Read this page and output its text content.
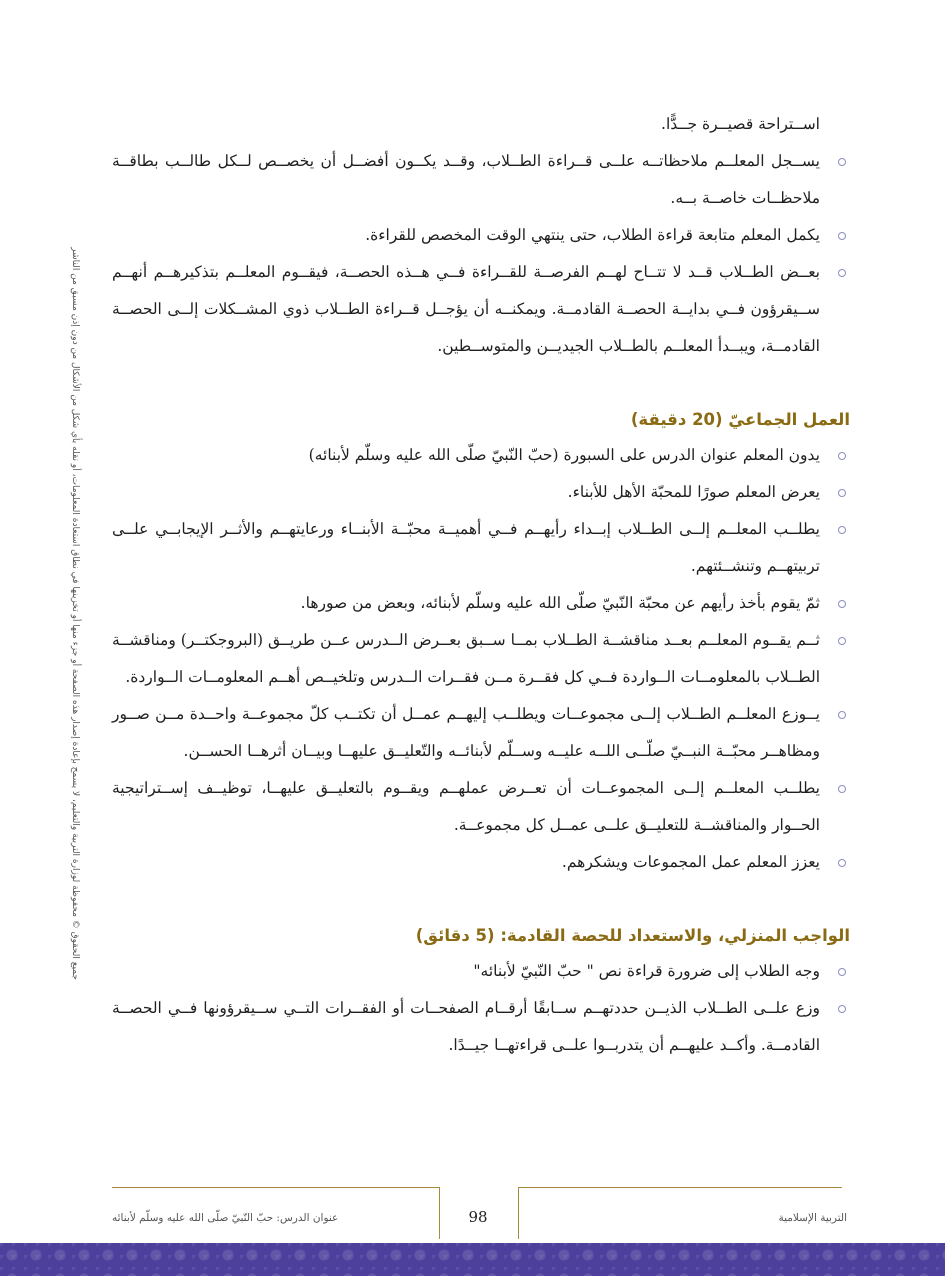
جميع الحقوق © محفوظة لوزارة التربية والتعليم، لا يسمح بإعادة إصدار هذه الصفحة أو جزء منها أو تخزينها في نطاق استعادة المعلومات، أو نقله بأي شكل من الأشكال من دون إذن مسبق من الناشر

اســتراحة قصيــرة جــدًّا.

يســجل المعلــم ملاحظاتــه علــى قــراءة الطــلاب، وقــد يكــون أفضــل أن يخصــص لــكل طالــب بطاقــة ملاحظــات خاصــة بــه.
يكمل المعلم متابعة قراءة الطلاب، حتى ينتهي الوقت المخصص للقراءة.
بعــض الطــلاب قــد لا تتــاح لهــم الفرصــة للقــراءة فــي هــذه الحصــة، فيقــوم المعلــم بتذكيرهــم أنهــم ســيقرؤون فــي بدايــة الحصــة القادمــة. ويمكنــه أن يؤجــل قــراءة الطــلاب ذوي المشــكلات إلــى الحصــة القادمــة، ويبــدأ المعلــم بالطــلاب الجيديــن والمتوســطين.
العمل الجماعيّ (20 دقيقة)
يدون المعلم عنوان الدرس على السبورة (حبّ النّبيّ صلّى الله عليه وسلّم لأبنائه)
يعرض المعلم صورًا للمحبّة الأهل للأبناء.
يطلــب المعلــم إلــى الطــلاب إبــداء رأيهــم فــي أهميــة محبّــة الأبنــاء ورعايتهــم والأثــر الإيجابــي علــى تربيتهــم وتنشــئتهم.
ثمّ يقوم بأخذ رأيهم عن محبّة النّبيّ صلّى الله عليه وسلّم لأبنائه، وبعض من صورها.
ثــم يقــوم المعلــم بعــد مناقشــة الطــلاب بمــا ســبق بعــرض الــدرس عــن طريــق (البروجكتــر) ومناقشــة الطــلاب بالمعلومــات الــواردة فــي كل فقــرة مــن فقــرات الــدرس وتلخيــص أهــم المعلومــات الــواردة.
يــوزع المعلــم الطــلاب إلــى مجموعــات ويطلــب إليهــم عمــل أن تكتــب كلّ مجموعــة واحــدة مــن صــور ومظاهــر محبّــة النبــيّ صلّــى اللــه عليــه وســلّم لأبنائــه والتّعليــق عليهــا وبيــان أثرهــا الحســن.
يطلــب المعلــم إلــى المجموعــات أن تعــرض عملهــم ويقــوم بالتعليــق عليهــا، توظيــف إســتراتيجية الحــوار والمناقشــة للتعليــق علــى عمــل كل مجموعــة.
يعزز المعلم عمل المجموعات ويشكرهم.
الواجب المنزلي، والاستعداد للحصة القادمة: (5 دقائق)
وجه الطلاب إلى ضرورة قراءة نص " حبّ النّبيّ لأبنائه"
وزع علــى الطــلاب الذيــن حددتهــم ســابقًا أرقــام الصفحــات أو الفقــرات التــي ســيقرؤونها فــي الحصــة القادمــة. وأكــد عليهــم أن يتدربــوا علــى قراءتهــا جيــدًا.
98
عنوان الدرس: حبّ النّبيّ صلّى الله عليه وسلّم لأبنائه	التربية الإسلامية
